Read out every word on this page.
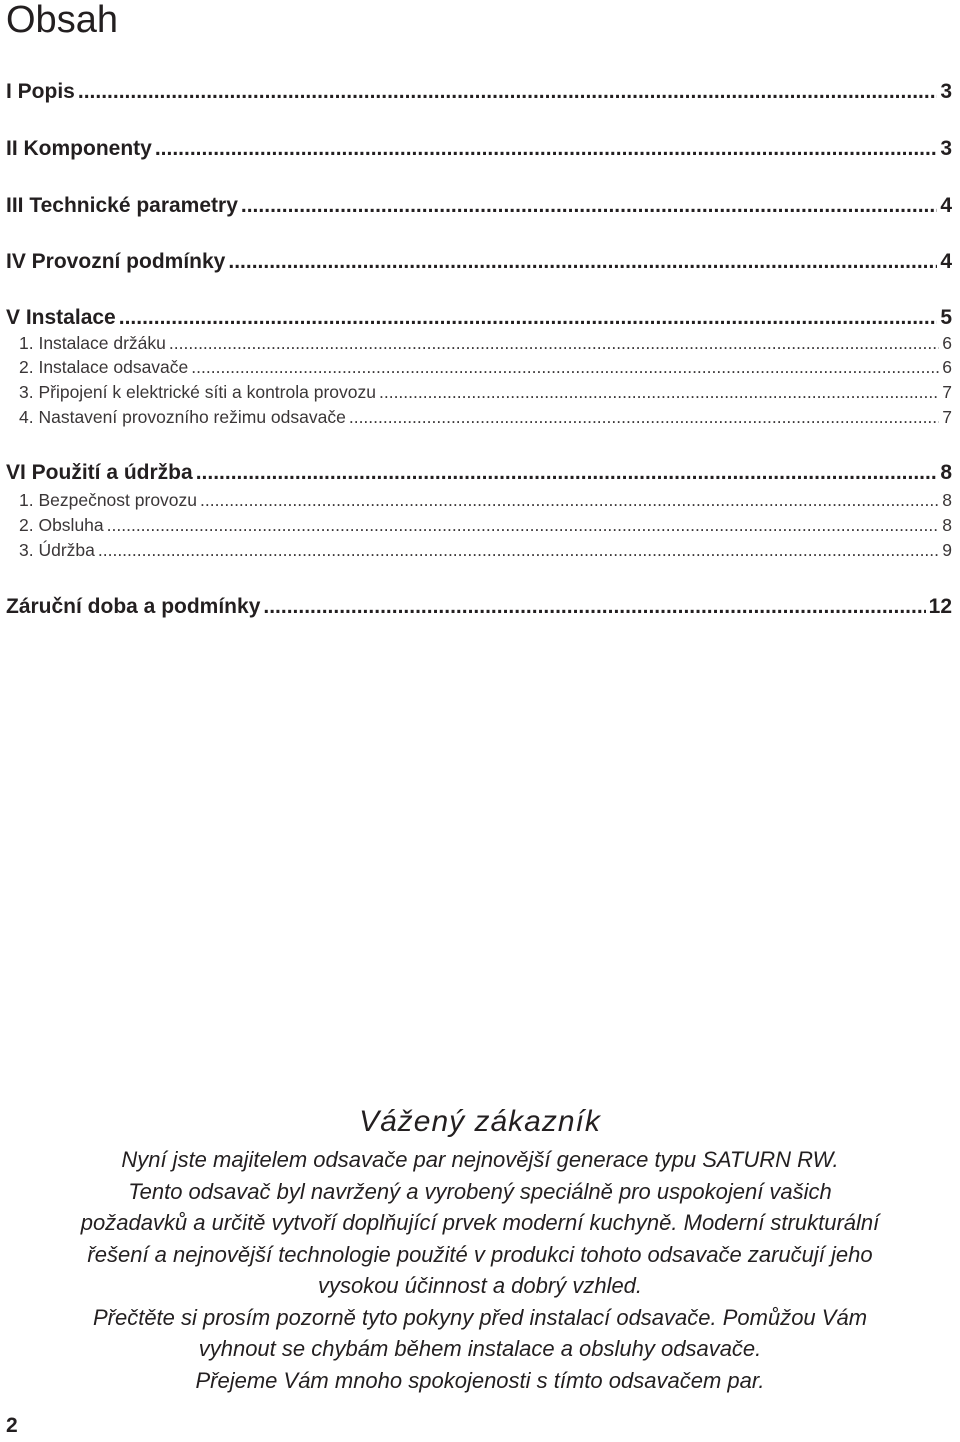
Obsah
I Popis .....	3
II Komponenty .....	3
III Technické parametry .....	4
IV Provozní podmínky .....	4
V Instalace .....	5
1. Instalace držáku .....	6
2. Instalace odsavače .....	6
3. Připojení k elektrické síti a kontrola provozu .....	7
4. Nastavení provozního režimu odsavače .....	7
VI Použití a údržba .....	8
1. Bezpečnost provozu .....	8
2. Obsluha .....	8
3. Údržba .....	9
Záruční doba a podmínky .....	12
Vážený zákazník

Nyní jste majitelem odsavače par nejnovější generace typu SATURN RW.

Tento odsavač byl navržený a vyrobený speciálně pro uspokojení vašich

požadavků a určitě vytvoří doplňující prvek moderní kuchyně. Moderní strukturální

řešení a nejnovější technologie použité v produkci tohoto odsavače zaručují jeho

vysokou účinnost a dobrý vzhled.

Přečtěte si prosím pozorně tyto pokyny před instalací odsavače. Pomůžou Vám

vyhnout se chybám během instalace a obsluhy odsavače.

Přejeme Vám mnoho spokojenosti s tímto odsavačem par.

2
